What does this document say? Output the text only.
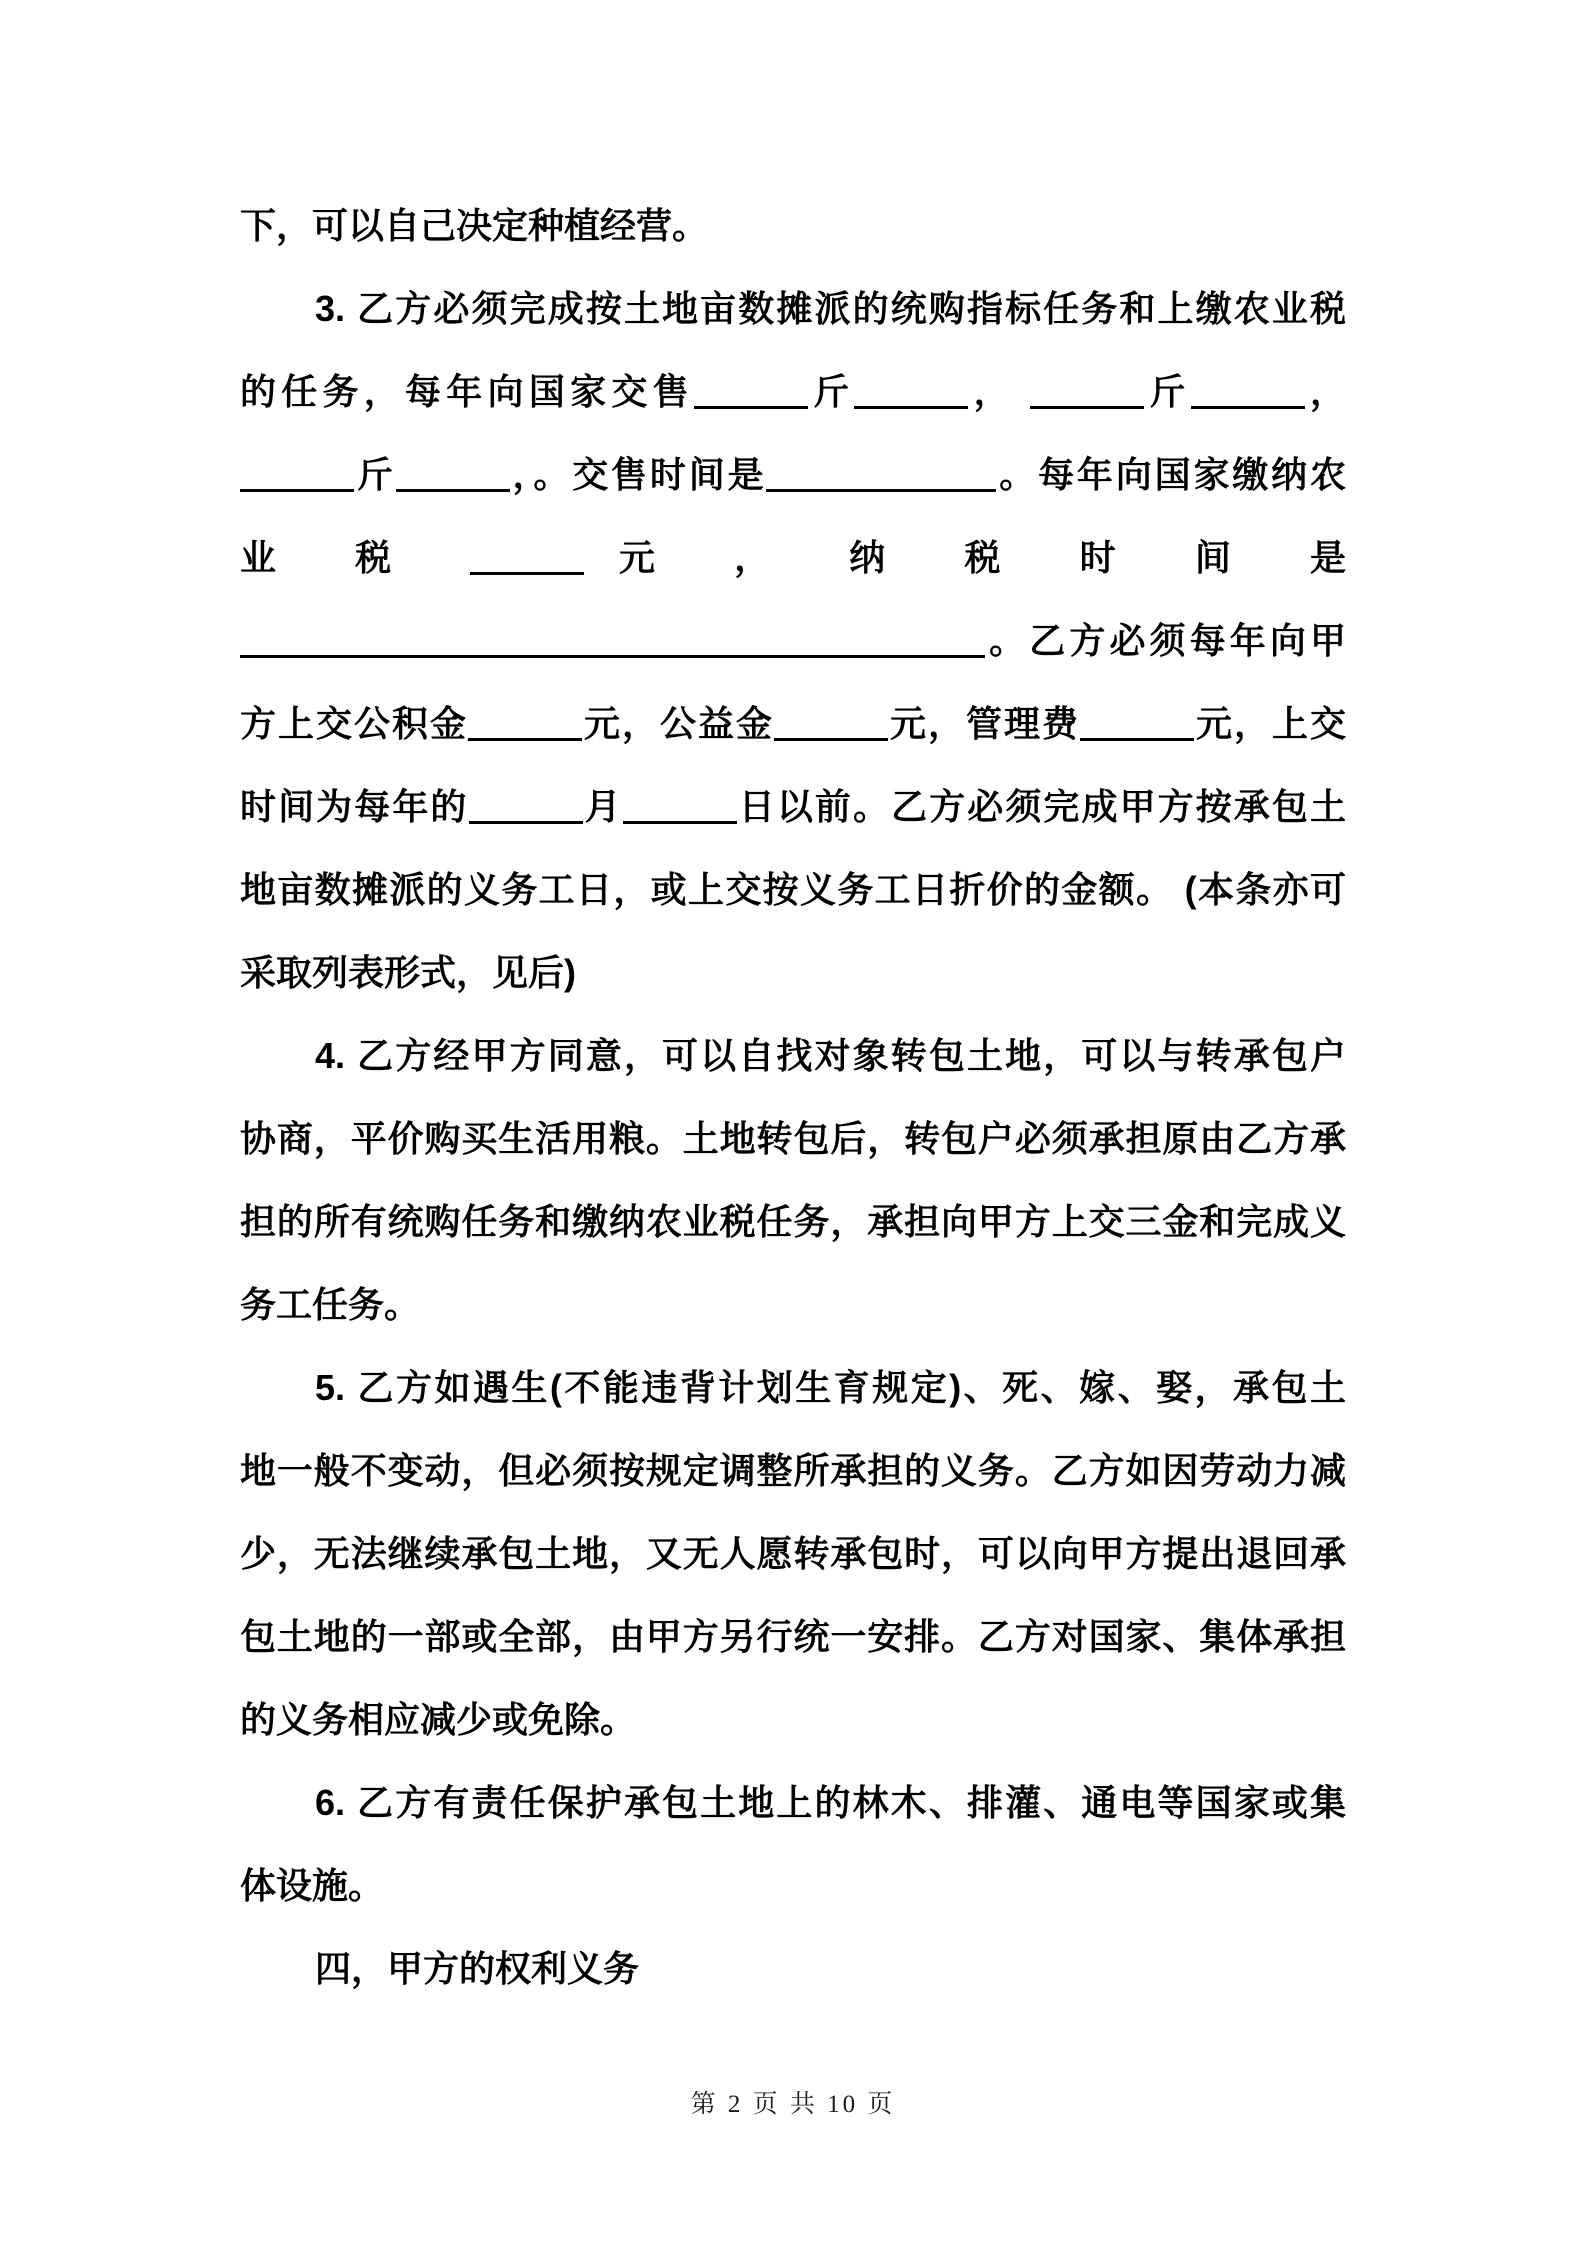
下，可以自己决定种植经营。
3. 乙方必须完成按土地亩数摊派的统购指标任务和上缴农业税
的任务，每年向国家交售	斤	，	斤	，
斤	，。交售时间是	。每年向国家缴纳农
业 税	元 ， 纳 税 时 间 是
。乙方必须每年向甲
方上交公积金	元，公益金	元，管理费	元，上交
时间为每年的	月	日以前。乙方必须完成甲方按承包土
地亩数摊派的义务工日，或上交按义务工日折价的金额。 (本条亦可
采取列表形式，见后)
4. 乙方经甲方同意，可以自找对象转包土地，可以与转承包户
协商，平价购买生活用粮。土地转包后，转包户必须承担原由乙方承
担的所有统购任务和缴纳农业税任务，承担向甲方上交三金和完成义
务工任务。
5. 乙方如遇生(不能违背计划生育规定)、死、嫁、娶，承包土
地一般不变动，但必须按规定调整所承担的义务。乙方如因劳动力减
少，无法继续承包土地，又无人愿转承包时，可以向甲方提出退回承
包土地的一部或全部，由甲方另行统一安排。乙方对国家、集体承担
的义务相应减少或免除。
6. 乙方有责任保护承包土地上的林木、排灌、通电等国家或集
体设施。
四，甲方的权利义务
第 2 页 共 10 页
